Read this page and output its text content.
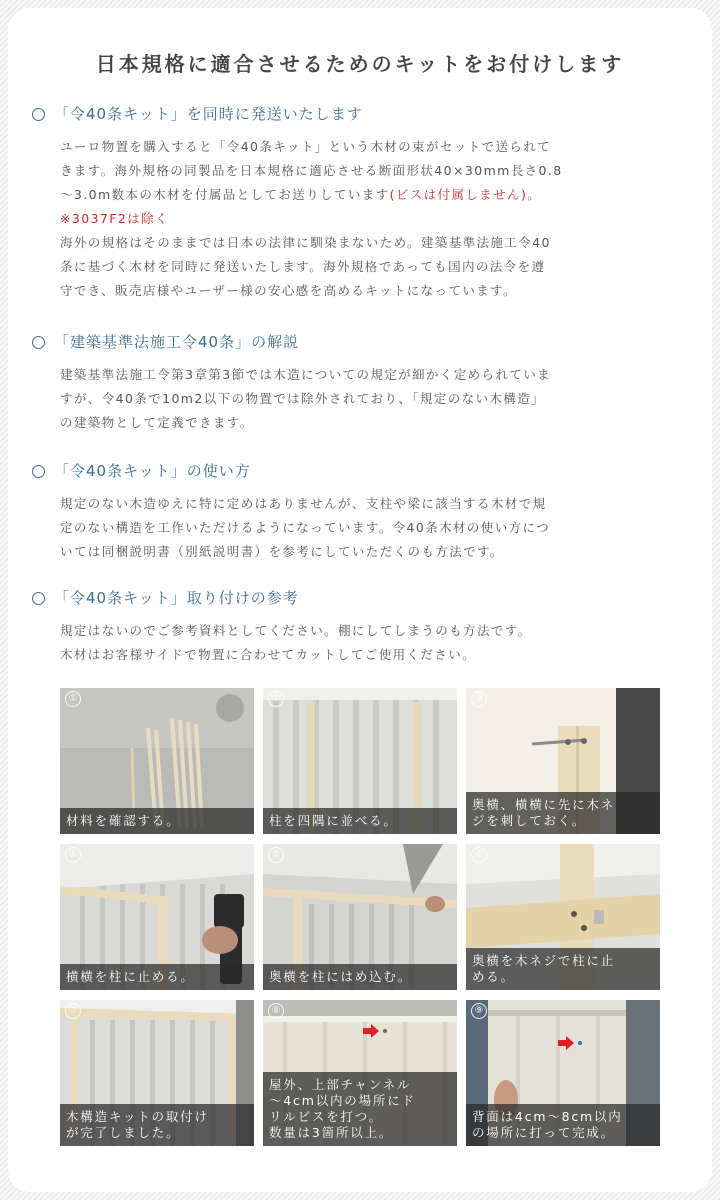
日本規格に適合させるためのキットをお付けします
「令40条キット」を同時に発送いたします

ユーロ物置を購入すると「令40条キット」という木材の束がセットで送られて

きます。海外規格の同製品を日本規格に適応させる断面形状40×30mm長さ0.8

〜3.0m数本の木材を付属品としてお送りしています(ビスは付属しません)。

※3037F2は除く

海外の規格はそのままでは日本の法律に馴染まないため。建築基準法施工令40

条に基づく木材を同時に発送いたします。海外規格であっても国内の法令を遵

守でき、販売店様やユーザー様の安心感を高めるキットになっています。

「建築基準法施工令40条」の解説

建築基準法施工令第3章第3節では木造についての規定が細かく定められていま

すが、令40条で10m2以下の物置では除外されており、「規定のない木構造」

の建築物として定義できます。

「令40条キット」の使い方

規定のない木造ゆえに特に定めはありませんが、支柱や梁に該当する木材で規

定のない構造を工作いただけるようになっています。令40条木材の使い方につ

いては同梱説明書（別紙説明書）を参考にしていただくのも方法です。

「令40条キット」取り付けの参考

規定はないのでご参考資料としてください。棚にしてしまうのも方法です。

木材はお客様サイドで物置に合わせてカットしてご使用ください。

①

材料を確認する。

②

柱を四隅に並べる。

③

奥横、横横に先に木ネ

ジを刺しておく。

④

横横を柱に止める。

⑤

奥横を柱にはめ込む。

⑥

奥横を木ネジで柱に止

める。

⑦

木構造キットの取付け

が完了しました。

⑧

屋外、上部チャンネル

〜4cm以内の場所にド

リルビスを打つ。

数量は3箇所以上。

⑨

背面は4cm〜8cm以内

の場所に打って完成。
